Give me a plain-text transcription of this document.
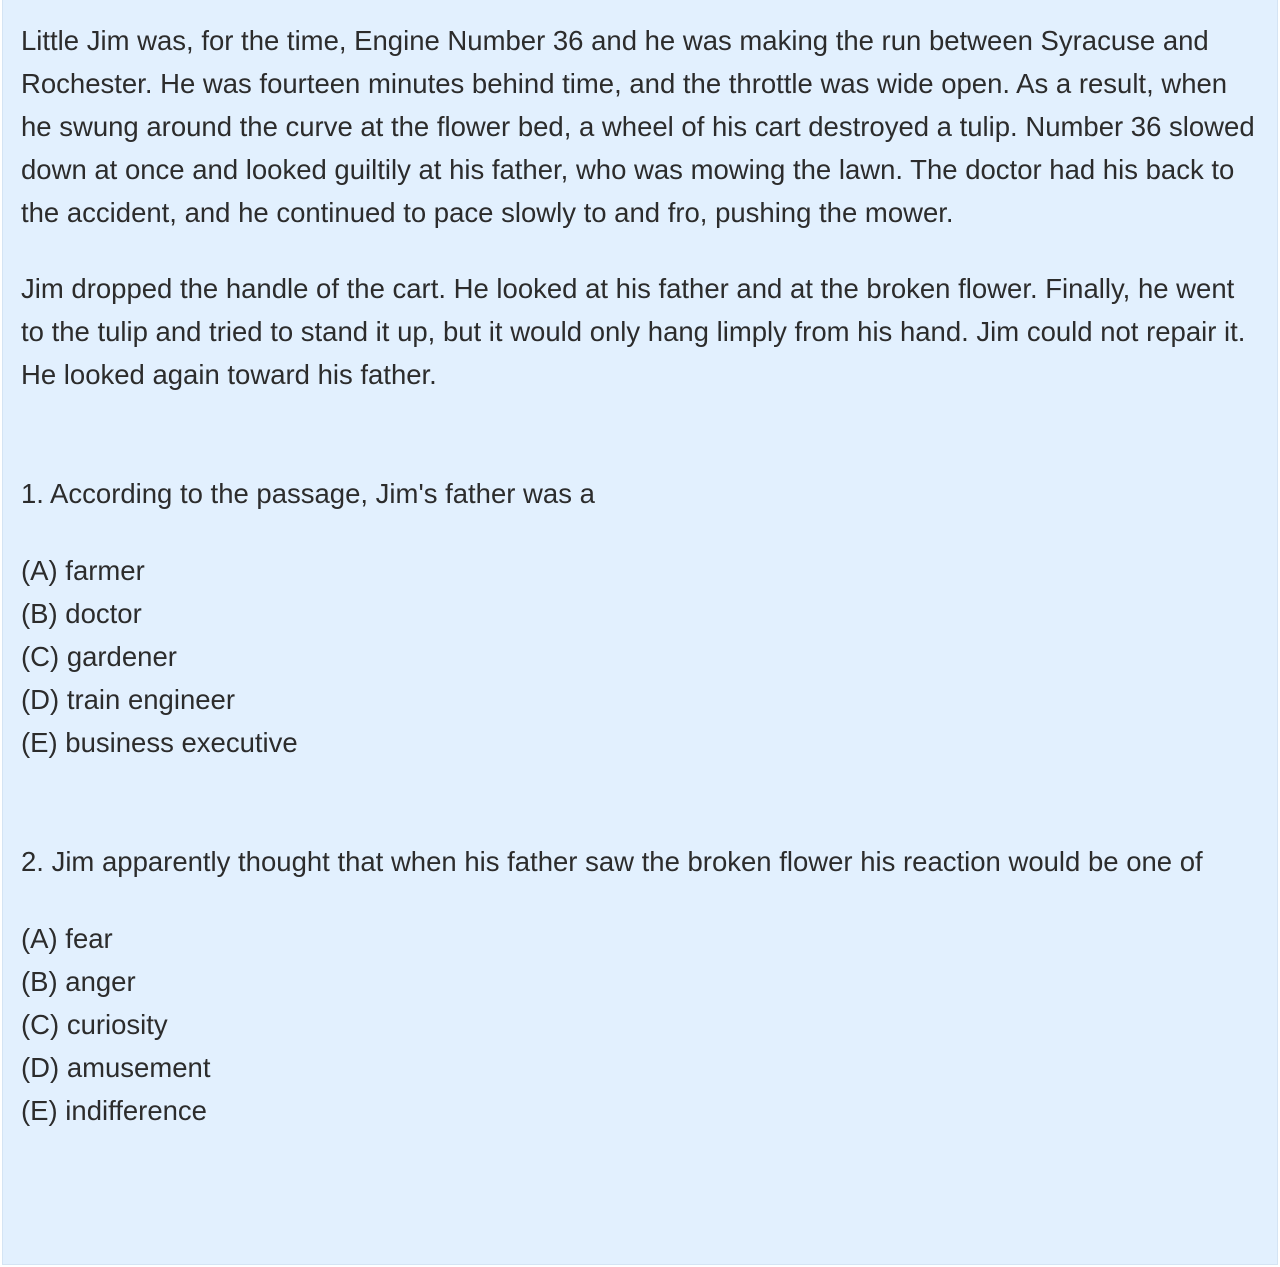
Little Jim was, for the time, Engine Number 36 and he was making the run between Syracuse and Rochester. He was fourteen minutes behind time, and the throttle was wide open. As a result, when he swung around the curve at the flower bed, a wheel of his cart destroyed a tulip. Number 36 slowed down at once and looked guiltily at his father, who was mowing the lawn. The doctor had his back to the accident, and he continued to pace slowly to and fro, pushing the mower.

Jim dropped the handle of the cart. He looked at his father and at the broken flower. Finally, he went to the tulip and tried to stand it up, but it would only hang limply from his hand. Jim could not repair it. He looked again toward his father.

1. According to the passage, Jim's father was a

(A) farmer
(B) doctor
(C) gardener
(D) train engineer
(E) business executive

2. Jim apparently thought that when his father saw the broken flower his reaction would be one of

(A) fear
(B) anger
(C) curiosity
(D) amusement
(E) indifference
